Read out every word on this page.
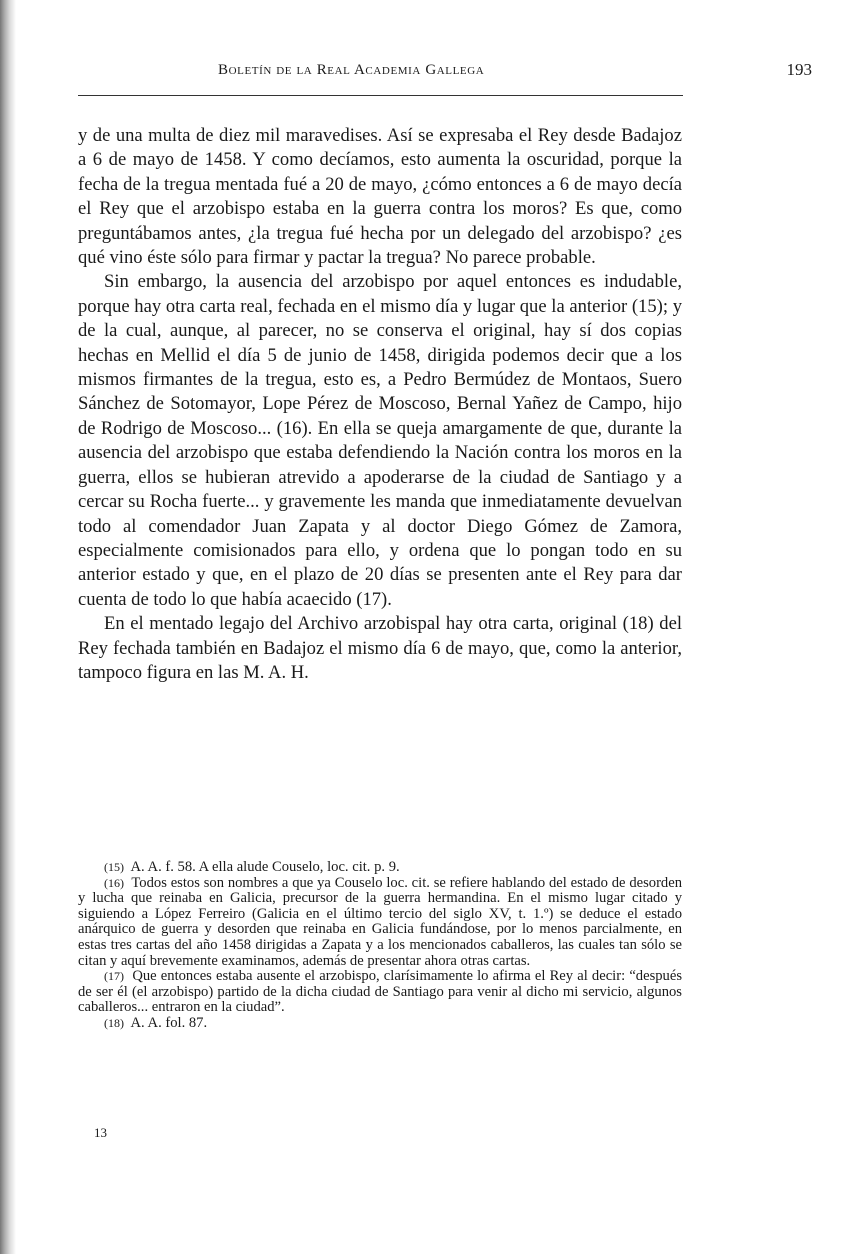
Boletín de la Real Academia Gallega	193

y de una multa de diez mil maravedises. Así se expresaba el Rey desde Badajoz a 6 de mayo de 1458. Y como decíamos, esto aumenta la oscuridad, porque la fecha de la tregua mentada fué a 20 de mayo, ¿cómo entonces a 6 de mayo decía el Rey que el arzobispo estaba en la guerra contra los moros? Es que, como preguntábamos antes, ¿la tregua fué hecha por un delegado del arzobispo? ¿es qué vino éste sólo para firmar y pactar la tregua? No parece probable.

Sin embargo, la ausencia del arzobispo por aquel entonces es indudable, porque hay otra carta real, fechada en el mismo día y lugar que la anterior (15); y de la cual, aunque, al parecer, no se conserva el original, hay sí dos copias hechas en Mellid el día 5 de junio de 1458, dirigida podemos decir que a los mismos firmantes de la tregua, esto es, a Pedro Bermúdez de Montaos, Suero Sánchez de Sotomayor, Lope Pérez de Moscoso, Bernal Yañez de Campo, hijo de Rodrigo de Moscoso... (16). En ella se queja amargamente de que, durante la ausencia del arzobispo que estaba defendiendo la Nación contra los moros en la guerra, ellos se hubieran atrevido a apoderarse de la ciudad de Santiago y a cercar su Rocha fuerte... y gravemente les manda que inmediatamente devuelvan todo al comendador Juan Zapata y al doctor Diego Gómez de Zamora, especialmente comisionados para ello, y ordena que lo pongan todo en su anterior estado y que, en el plazo de 20 días se presenten ante el Rey para dar cuenta de todo lo que había acaecido (17).

En el mentado legajo del Archivo arzobispal hay otra carta, original (18) del Rey fechada también en Badajoz el mismo día 6 de mayo, que, como la anterior, tampoco figura en las M. A. H.

(15) A. A. f. 58. A ella alude Couselo, loc. cit. p. 9.

(16) Todos estos son nombres a que ya Couselo loc. cit. se refiere hablando del estado de desorden y lucha que reinaba en Galicia, precursor de la guerra hermandina. En el mismo lugar citado y siguiendo a López Ferreiro (Galicia en el último tercio del siglo XV, t. 1.º) se deduce el estado anárquico de guerra y desorden que reinaba en Galicia fundándose, por lo menos parcialmente, en estas tres cartas del año 1458 dirigidas a Zapata y a los mencionados caballeros, las cuales tan sólo se citan y aquí brevemente examinamos, además de presentar ahora otras cartas.

(17) Que entonces estaba ausente el arzobispo, clarísimamente lo afirma el Rey al decir: “después de ser él (el arzobispo) partido de la dicha ciudad de Santiago para venir al dicho mi servicio, algunos caballeros... entraron en la ciudad”.

(18) A. A. fol. 87.

13
